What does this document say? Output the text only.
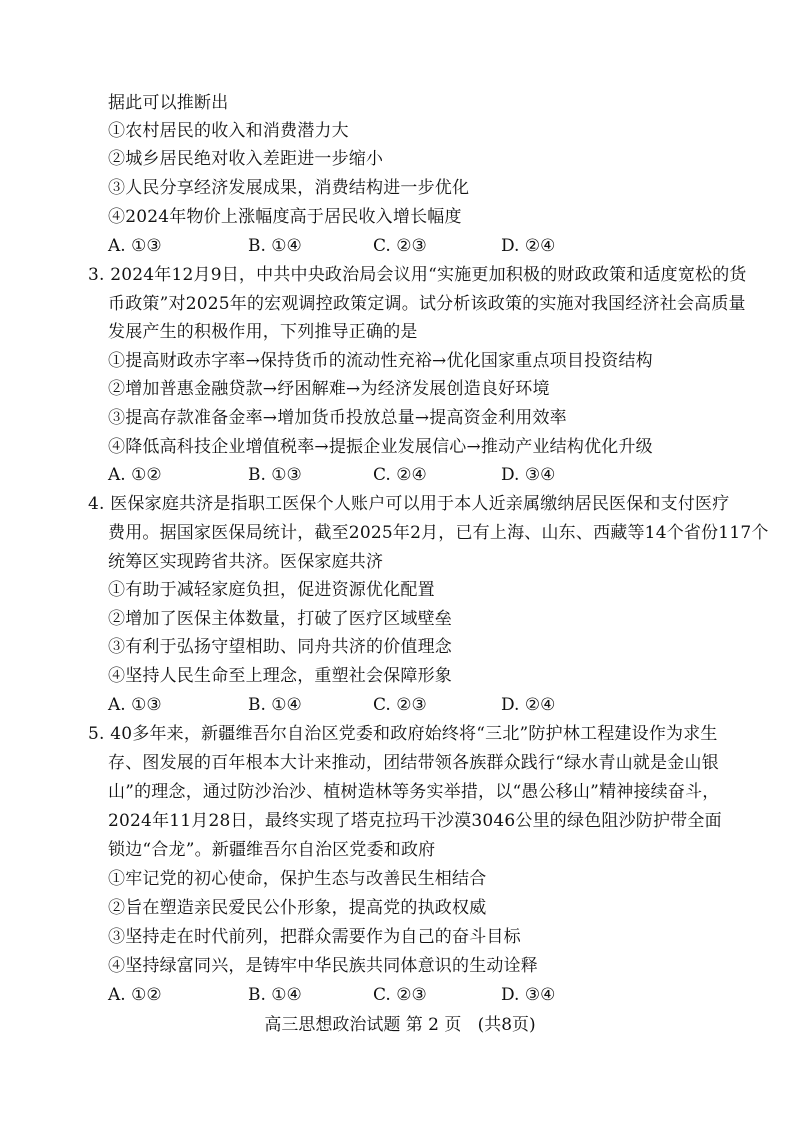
据此可以推断出
①农村居民的收入和消费潜力大
②城乡居民绝对收入差距进一步缩小
③人民分享经济发展成果，消费结构进一步优化
④2024年物价上涨幅度高于居民收入增长幅度
A. ①③	B. ①④	C. ②③	D. ②④
3. 2024年12月9日，中共中央政治局会议用“实施更加积极的财政政策和适度宽松的货
币政策”对2025年的宏观调控政策定调。试分析该政策的实施对我国经济社会高质量
发展产生的积极作用，下列推导正确的是
①提高财政赤字率→保持货币的流动性充裕→优化国家重点项目投资结构
②增加普惠金融贷款→纾困解难→为经济发展创造良好环境
③提高存款准备金率→增加货币投放总量→提高资金利用效率
④降低高科技企业增值税率→提振企业发展信心→推动产业结构优化升级
A. ①②	B. ①③	C. ②④	D. ③④
4. 医保家庭共济是指职工医保个人账户可以用于本人近亲属缴纳居民医保和支付医疗
费用。据国家医保局统计，截至2025年2月，已有上海、山东、西藏等14个省份117个
统筹区实现跨省共济。医保家庭共济
①有助于减轻家庭负担，促进资源优化配置
②增加了医保主体数量，打破了医疗区域壁垒
③有利于弘扬守望相助、同舟共济的价值理念
④坚持人民生命至上理念，重塑社会保障形象
A. ①③	B. ①④	C. ②③	D. ②④
5. 40多年来，新疆维吾尔自治区党委和政府始终将“三北”防护林工程建设作为求生
存、图发展的百年根本大计来推动，团结带领各族群众践行“绿水青山就是金山银
山”的理念，通过防沙治沙、植树造林等务实举措，以“愚公移山”精神接续奋斗，
2024年11月28日，最终实现了塔克拉玛干沙漠3046公里的绿色阻沙防护带全面
锁边“合龙”。新疆维吾尔自治区党委和政府
①牢记党的初心使命，保护生态与改善民生相结合
②旨在塑造亲民爱民公仆形象，提高党的执政权威
③坚持走在时代前列，把群众需要作为自己的奋斗目标
④坚持绿富同兴，是铸牢中华民族共同体意识的生动诠释
A. ①②	B. ①④	C. ②③	D. ③④
高三思想政治试题 第 2 页   (共8页)
